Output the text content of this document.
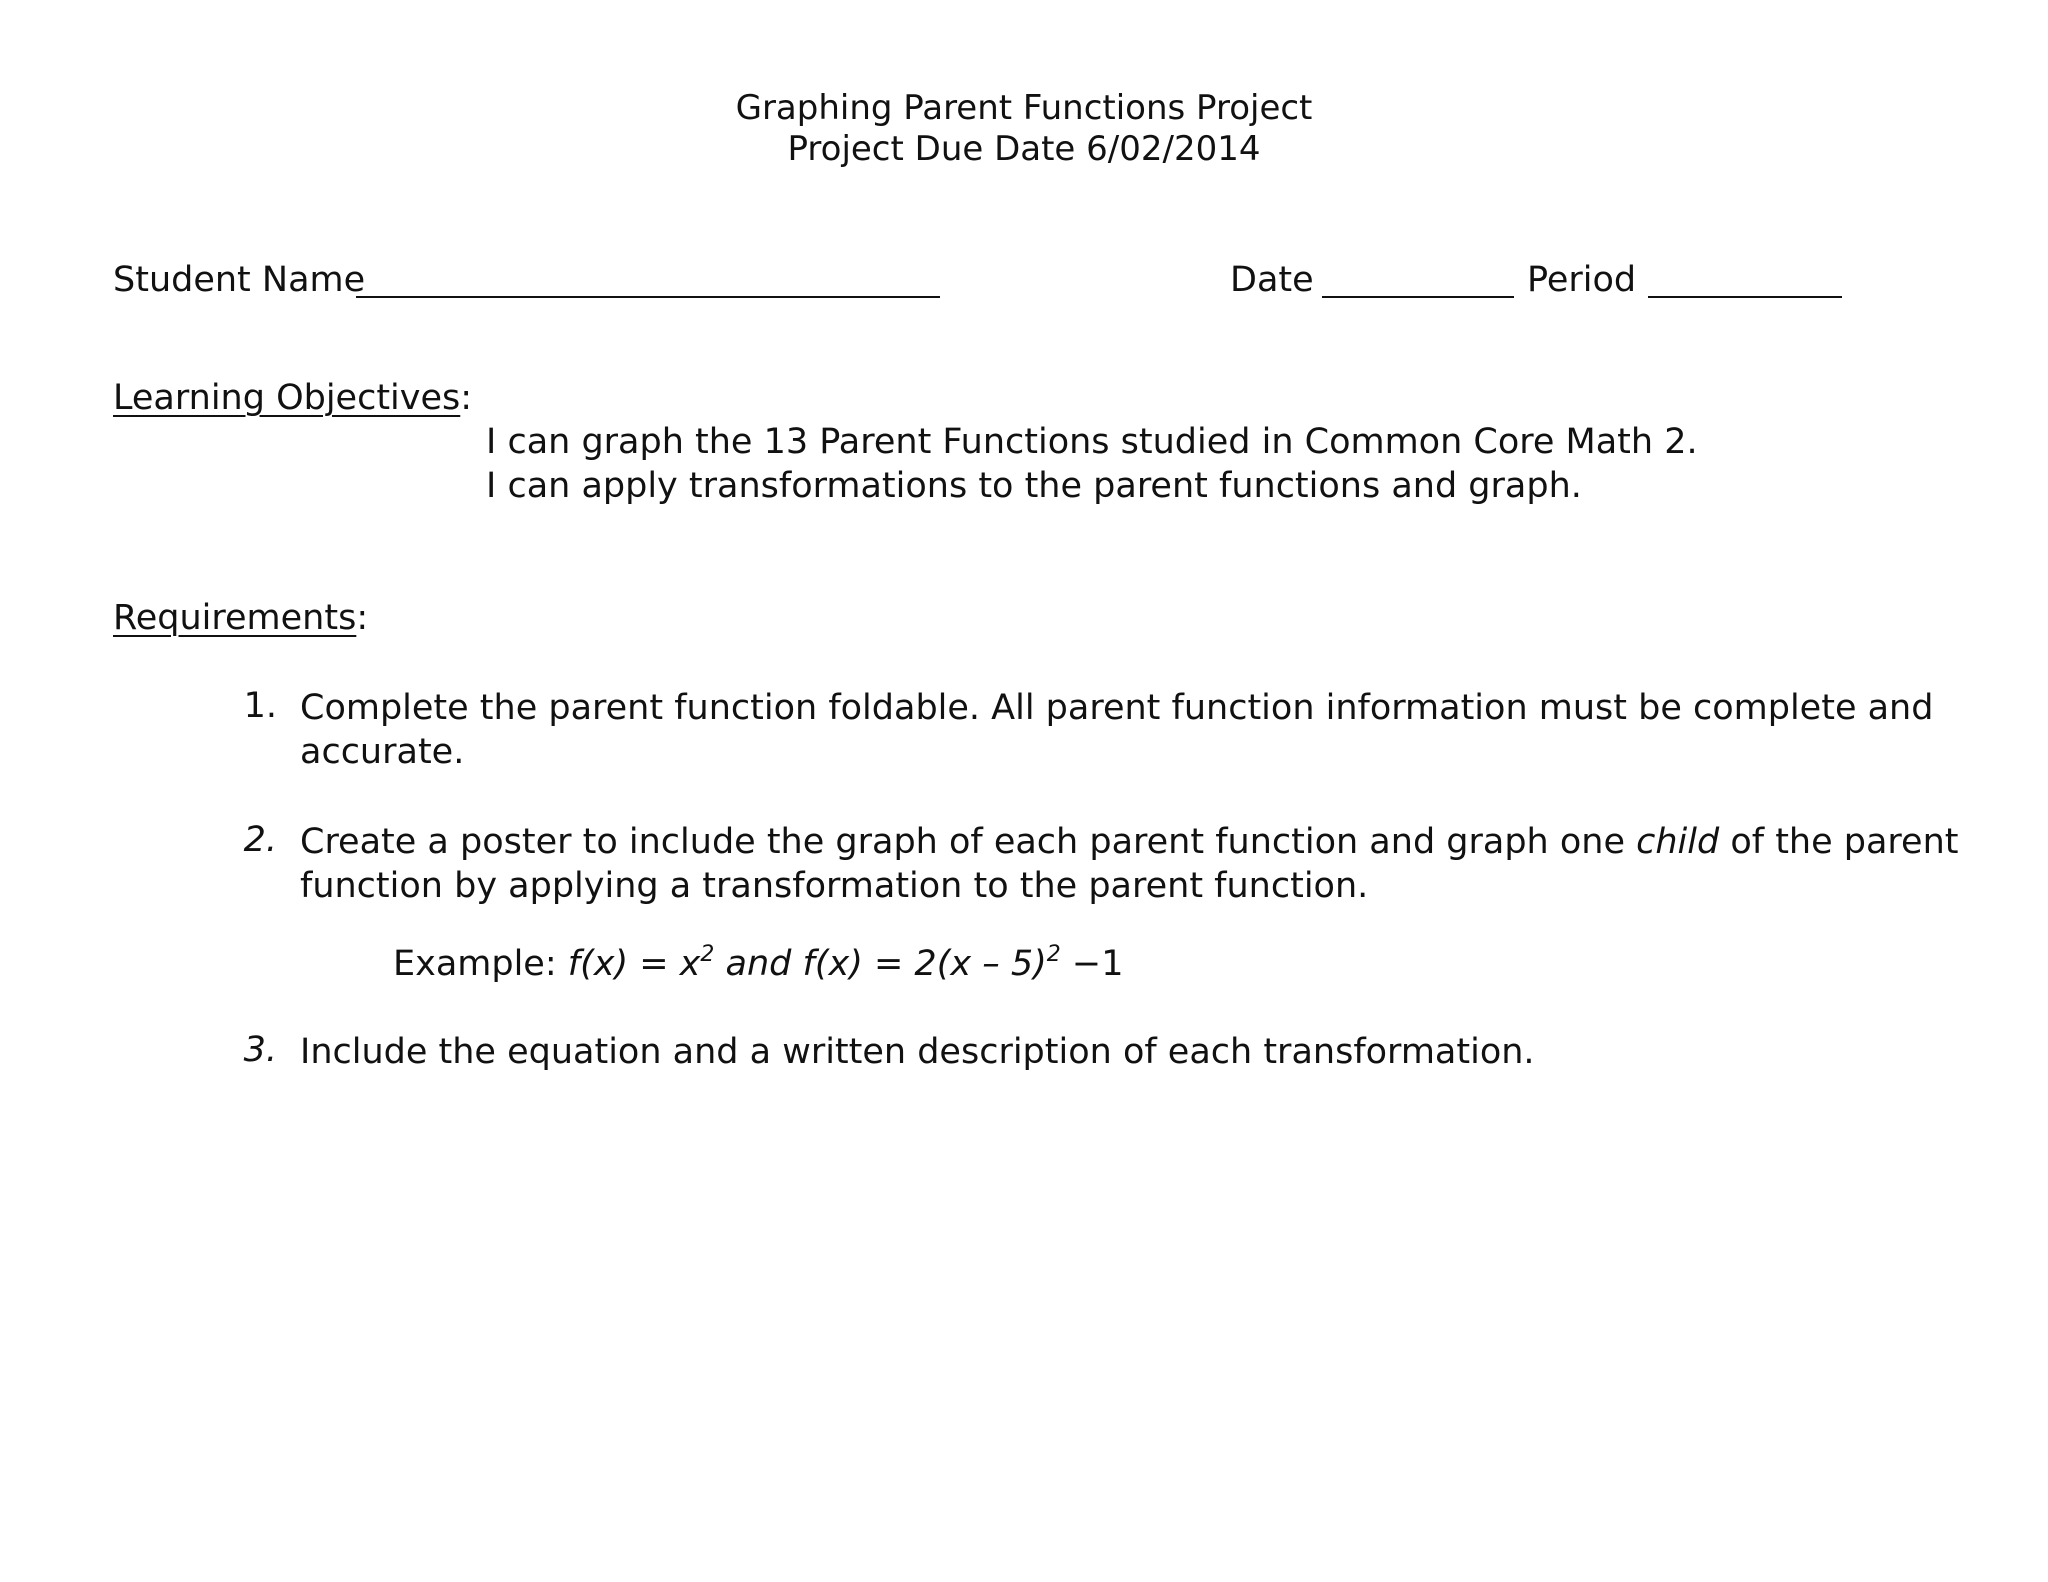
Graphing Parent Functions Project
Project Due Date 6/02/2014
Student Name	Date	Period
Learning Objectives:
I can graph the 13 Parent Functions studied in Common Core Math 2.
I can apply transformations to the parent functions and graph.
Requirements:
1. Complete the parent function foldable. All parent function information must be complete and
accurate.
2. Create a poster to include the graph of each parent function and graph one child of the parent
function by applying a transformation to the parent function.
Example: $f(x) = x^2$ and f(x) = 2(x – 5)$^2$ −1
3. Include the equation and a written description of each transformation.
